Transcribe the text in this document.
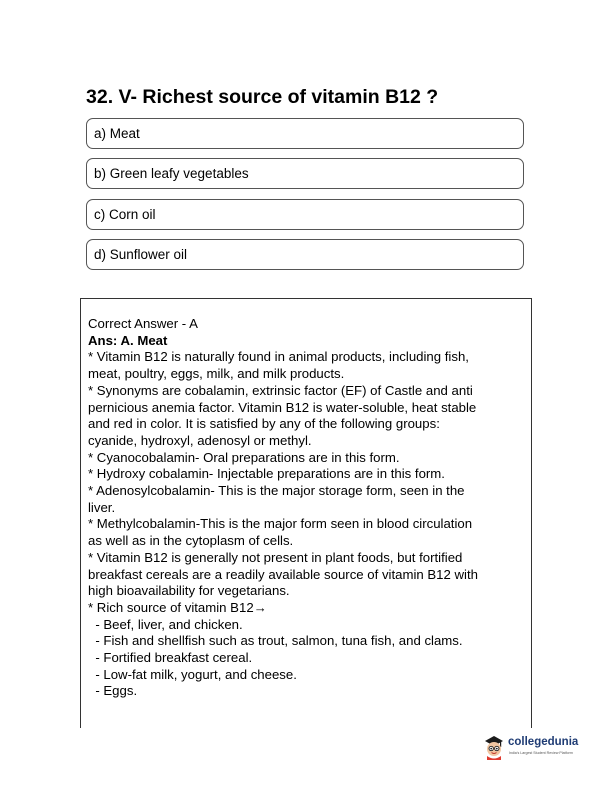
32. V- Richest source of vitamin B12 ?
a) Meat
b) Green leafy vegetables
c) Corn oil
d) Sunflower oil
Correct Answer - A
Ans: A. Meat
* Vitamin B12 is naturally found in animal products, including fish,
meat, poultry, eggs, milk, and milk products.
* Synonyms are cobalamin, extrinsic factor (EF) of Castle and anti
pernicious anemia factor. Vitamin B12 is water-soluble, heat stable
and red in color. It is satisfied by any of the following groups:
cyanide, hydroxyl, adenosyl or methyl.
* Cyanocobalamin- Oral preparations are in this form.
* Hydroxy cobalamin- Injectable preparations are in this form.
* Adenosylcobalamin- This is the major storage form, seen in the
liver.
* Methylcobalamin-This is the major form seen in blood circulation
as well as in the cytoplasm of cells.
* Vitamin B12 is generally not present in plant foods, but fortified
breakfast cereals are a readily available source of vitamin B12 with
high bioavailability for vegetarians.
* Rich source of vitamin B12→
- Beef, liver, and chicken.
- Fish and shellfish such as trout, salmon, tuna fish, and clams.
- Fortified breakfast cereal.
- Low-fat milk, yogurt, and cheese.
- Eggs.
collegedunia
India's Largest Student Review Platform
